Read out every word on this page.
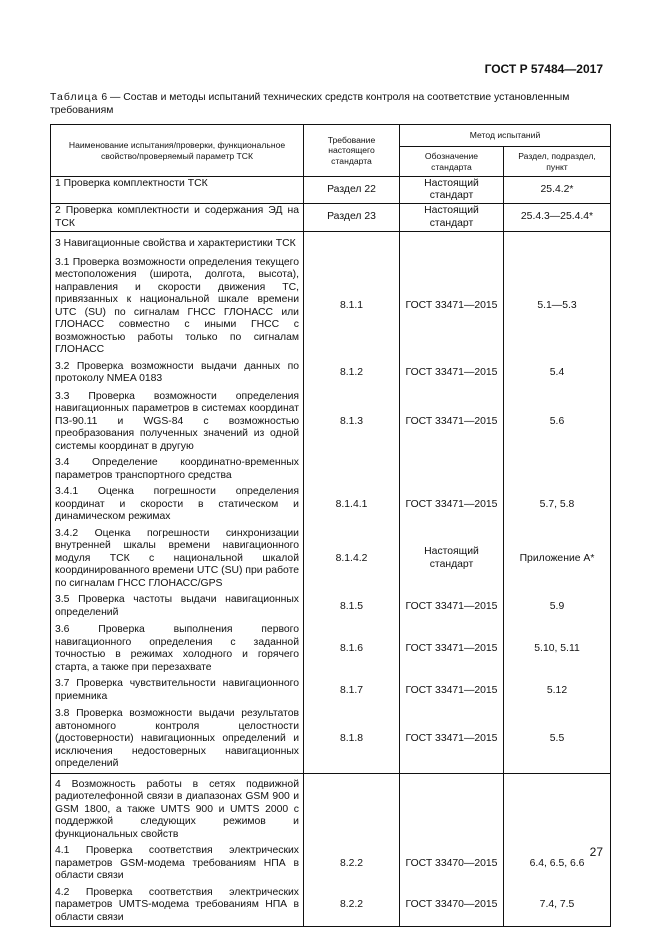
ГОСТ Р 57484—2017
Таблица 6 — Состав и методы испытаний технических средств контроля на соответствие установленным требованиям
Наименование испытания/проверки, функциональное свойство/проверяемый параметр ТСК	Требование настоящего стандарта	Метод испытаний	
		Обозначение стандарта	Раздел, подраздел, пункт

1 Проверка комплектности ТСК	Раздел 22	Настоящий стандарт	25.4.2*

2 Проверка комплектности и содержания ЭД на ТСК	Раздел 23	Настоящий стандарт	25.4.3—25.4.4*

3 Навигационные свойства и характеристики ТСК			

3.1 Проверка возможности определения текущего местоположения (широта, долгота, высота), направления и скорости движения ТС, привязанных к национальной шкале времени UTC (SU) по сигналам ГНСС ГЛОНАСС или ГЛОНАСС совместно с иными ГНСС с возможностью работы только по сигналам ГЛОНАСС	8.1.1	ГОСТ 33471—2015	5.1—5.3

3.2 Проверка возможности выдачи данных по протоколу NMEA 0183	8.1.2	ГОСТ 33471—2015	5.4

3.3 Проверка возможности определения навигационных параметров в системах координат ПЗ-90.11 и WGS-84 с возможностью преобразования полученных значений из одной системы координат в другую	8.1.3	ГОСТ 33471—2015	5.6

3.4 Определение координатно-временных параметров транспортного средства			

3.4.1 Оценка погрешности определения координат и скорости в статическом и динамическом режимах	8.1.4.1	ГОСТ 33471—2015	5.7, 5.8

3.4.2 Оценка погрешности синхронизации внутренней шкалы времени навигационного модуля ТСК с национальной шкалой координированного времени UTC (SU) при работе по сигналам ГНСС ГЛОНАСС/GPS	8.1.4.2	Настоящий стандарт	Приложение А*

3.5 Проверка частоты выдачи навигационных определений	8.1.5	ГОСТ 33471—2015	5.9

3.6 Проверка выполнения первого навигационного определения с заданной точностью в режимах холодного и горячего старта, а также при перезахвате	8.1.6	ГОСТ 33471—2015	5.10, 5.11

3.7 Проверка чувствительности навигационного приемника	8.1.7	ГОСТ 33471—2015	5.12

3.8 Проверка возможности выдачи результатов автономного контроля целостности (достоверности) навигационных определений и исключения недостоверных навигационных определений	8.1.8	ГОСТ 33471—2015	5.5

4 Возможность работы в сетях подвижной радиотелефонной связи в диапазонах GSM 900 и GSM 1800, а также UMTS 900 и UMTS 2000 с поддержкой следующих режимов и функциональных свойств			

4.1 Проверка соответствия электрических параметров GSM-модема требованиям НПА в области связи	8.2.2	ГОСТ 33470—2015	6.4, 6.5, 6.6

4.2 Проверка соответствия электрических параметров UMTS-модема требованиям НПА в области связи	8.2.2	ГОСТ 33470—2015	7.4, 7.5
27
